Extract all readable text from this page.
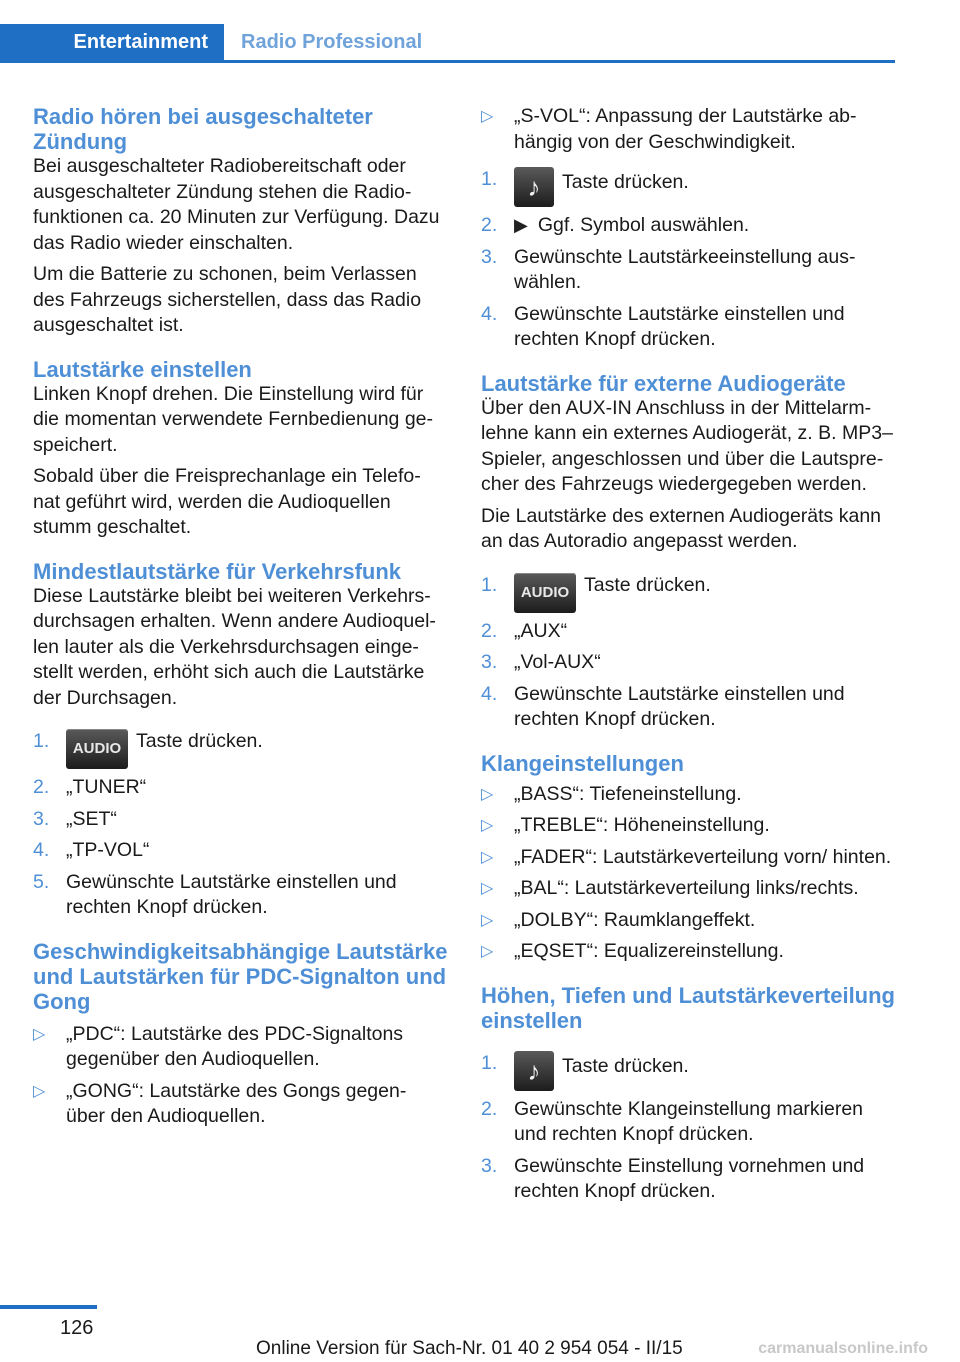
Entertainment	Radio Professional
Radio hören bei ausgeschalteter Zündung

Bei ausgeschalteter Radiobereitschaft oder ausgeschalteter Zündung stehen die Radio‐ funktionen ca. 20 Minuten zur Verfügung. Dazu das Radio wieder einschalten.

Um die Batterie zu schonen, beim Verlassen des Fahrzeugs sicherstellen, dass das Radio ausgeschaltet ist.

Lautstärke einstellen

Linken Knopf drehen. Die Einstellung wird für die momentan verwendete Fernbedienung ge‐ speichert.

Sobald über die Freisprechanlage ein Telefo‐ nat geführt wird, werden die Audioquellen stumm geschaltet.

Mindestlautstärke für Verkehrsfunk

Diese Lautstärke bleibt bei weiteren Verkehrs‐ durchsagen erhalten. Wenn andere Audioquel‐ len lauter als die Verkehrsdurchsagen einge‐ stellt werden, erhöht sich auch die Lautstärke der Durchsagen.

1. AUDIO Taste drücken.
2. „TUNER“
3. „SET“
4. „TP-VOL“
5. Gewünschte Lautstärke einstellen und rechten Knopf drücken.
Geschwindigkeitsabhängige Lautstärke und Lautstärken für PDC-Signalton und Gong
▷ „PDC“: Lautstärke des PDC-Signaltons gegenüber den Audioquellen.
▷ „GONG“: Lautstärke des Gongs gegen‐ über den Audioquellen.
▷ „S-VOL“: Anpassung der Lautstärke ab‐ hängig von der Geschwindigkeit.
1. ♪ Taste drücken.
2. ▶ Ggf. Symbol auswählen.
3. Gewünschte Lautstärkeeinstellung aus‐ wählen.
4. Gewünschte Lautstärke einstellen und rechten Knopf drücken.
Lautstärke für externe Audiogeräte

Über den AUX-IN Anschluss in der Mittelarm‐ lehne kann ein externes Audiogerät, z. B. MP3– Spieler, angeschlossen und über die Lautspre‐ cher des Fahrzeugs wiedergegeben werden.

Die Lautstärke des externen Audiogeräts kann an das Autoradio angepasst werden.

1. AUDIO Taste drücken.
2. „AUX“
3. „Vol-AUX“
4. Gewünschte Lautstärke einstellen und rechten Knopf drücken.
Klangeinstellungen
▷ „BASS“: Tiefeneinstellung.
▷ „TREBLE“: Höheneinstellung.
▷ „FADER“: Lautstärkeverteilung vorn/ hinten.
▷ „BAL“: Lautstärkeverteilung links/rechts.
▷ „DOLBY“: Raumklangeffekt.
▷ „EQSET“: Equalizereinstellung.
Höhen, Tiefen und Lautstärkeverteilung einstellen
1. ♪ Taste drücken.
2. Gewünschte Klangeinstellung markieren und rechten Knopf drücken.
3. Gewünschte Einstellung vornehmen und rechten Knopf drücken.
126
Online Version für Sach-Nr. 01 40 2 954 054 - II/15	carmanualsonline.info
